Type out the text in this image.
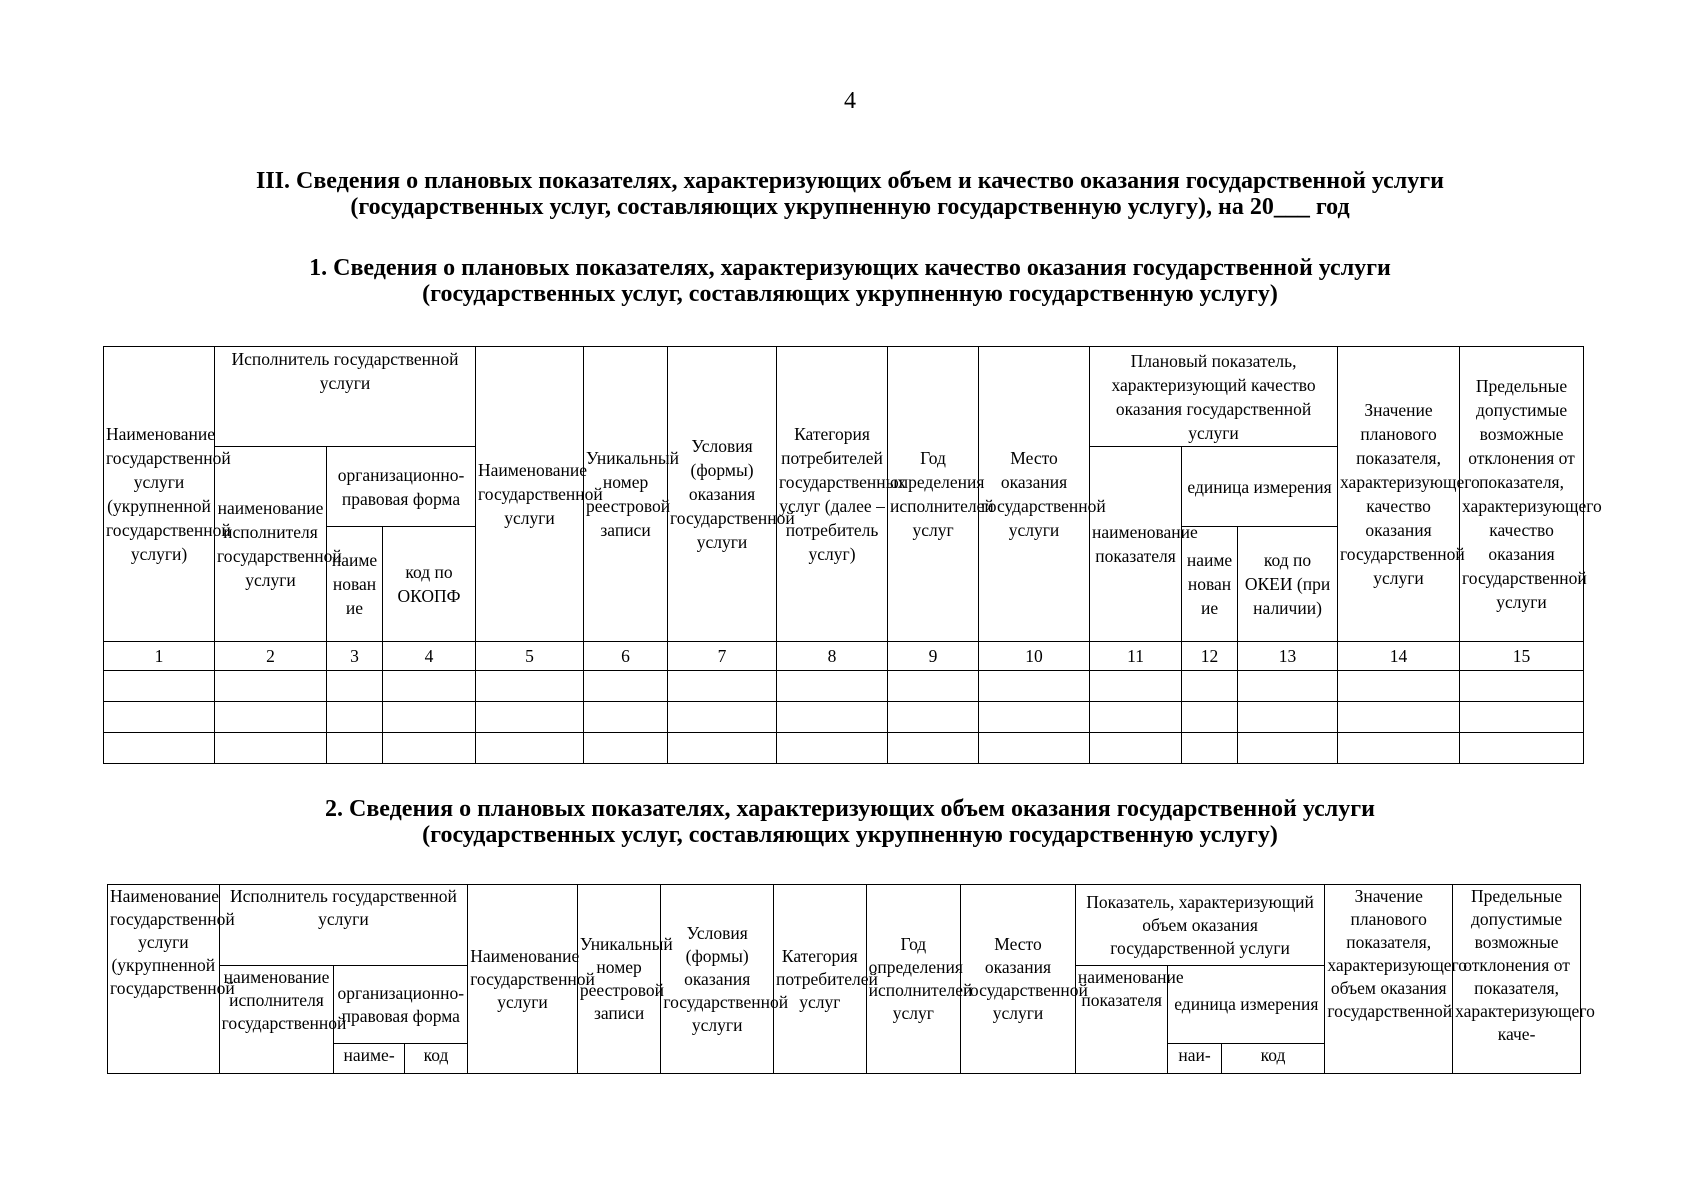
4
III. Сведения о плановых показателях, характеризующих объем и качество оказания государственной услуги
(государственных услуг, составляющих укрупненную государственную услугу), на 20___ год
1. Сведения о плановых показателях, характеризующих качество оказания государственной услуги
(государственных услуг, составляющих укрупненную государственную услугу)
Наименование государственной услуги (укрупненной государственной услуги)	Исполнитель государственной услуги			Наименование государственной услуги	Уникальный номер реестровой записи	Условия (формы) оказания государственной услуги	Категория потребителей государственных услуг (далее – потребитель услуг)	Год определения исполнителей услуг	Место оказания государственной услуги	Плановый показатель, характеризующий качество оказания государственной услуги			Значение планового показателя, характеризующего качество оказания государственной услуги	Предельные допустимые возможные отклонения от показателя, характеризующего качество оказания государственной услуги
	наименование исполнителя государственной услуги	организационно-правовая форма								наименование показателя	единица измерения			
		наименование	код по ОКОПФ								наименование	код по ОКЕИ (при наличии)		
1	2	3	4	5	6	7	8	9	10	11	12	13	14	15

2. Сведения о плановых показателях, характеризующих объем оказания государственной услуги
(государственных услуг, составляющих укрупненную государственную услугу)
Наименование государственной услуги (укрупненной государственной	Исполнитель государственной услуги			Наименование государственной услуги	Уникальный номер реестровой записи	Условия (формы) оказания государственной услуги	Категория потребителей услуг	Год определения исполнителей услуг	Место оказания государственной услуги	Показатель, характеризующий объем оказания государственной услуги			Значение планового показателя, характеризующего объем оказания государственной	Предельные допустимые возможные отклонения от показателя, характеризующего каче-
	наименование исполнителя государственной	организационно-правовая форма								наименование показателя	единица измерения			
		наиме-	код								наи-	код		
